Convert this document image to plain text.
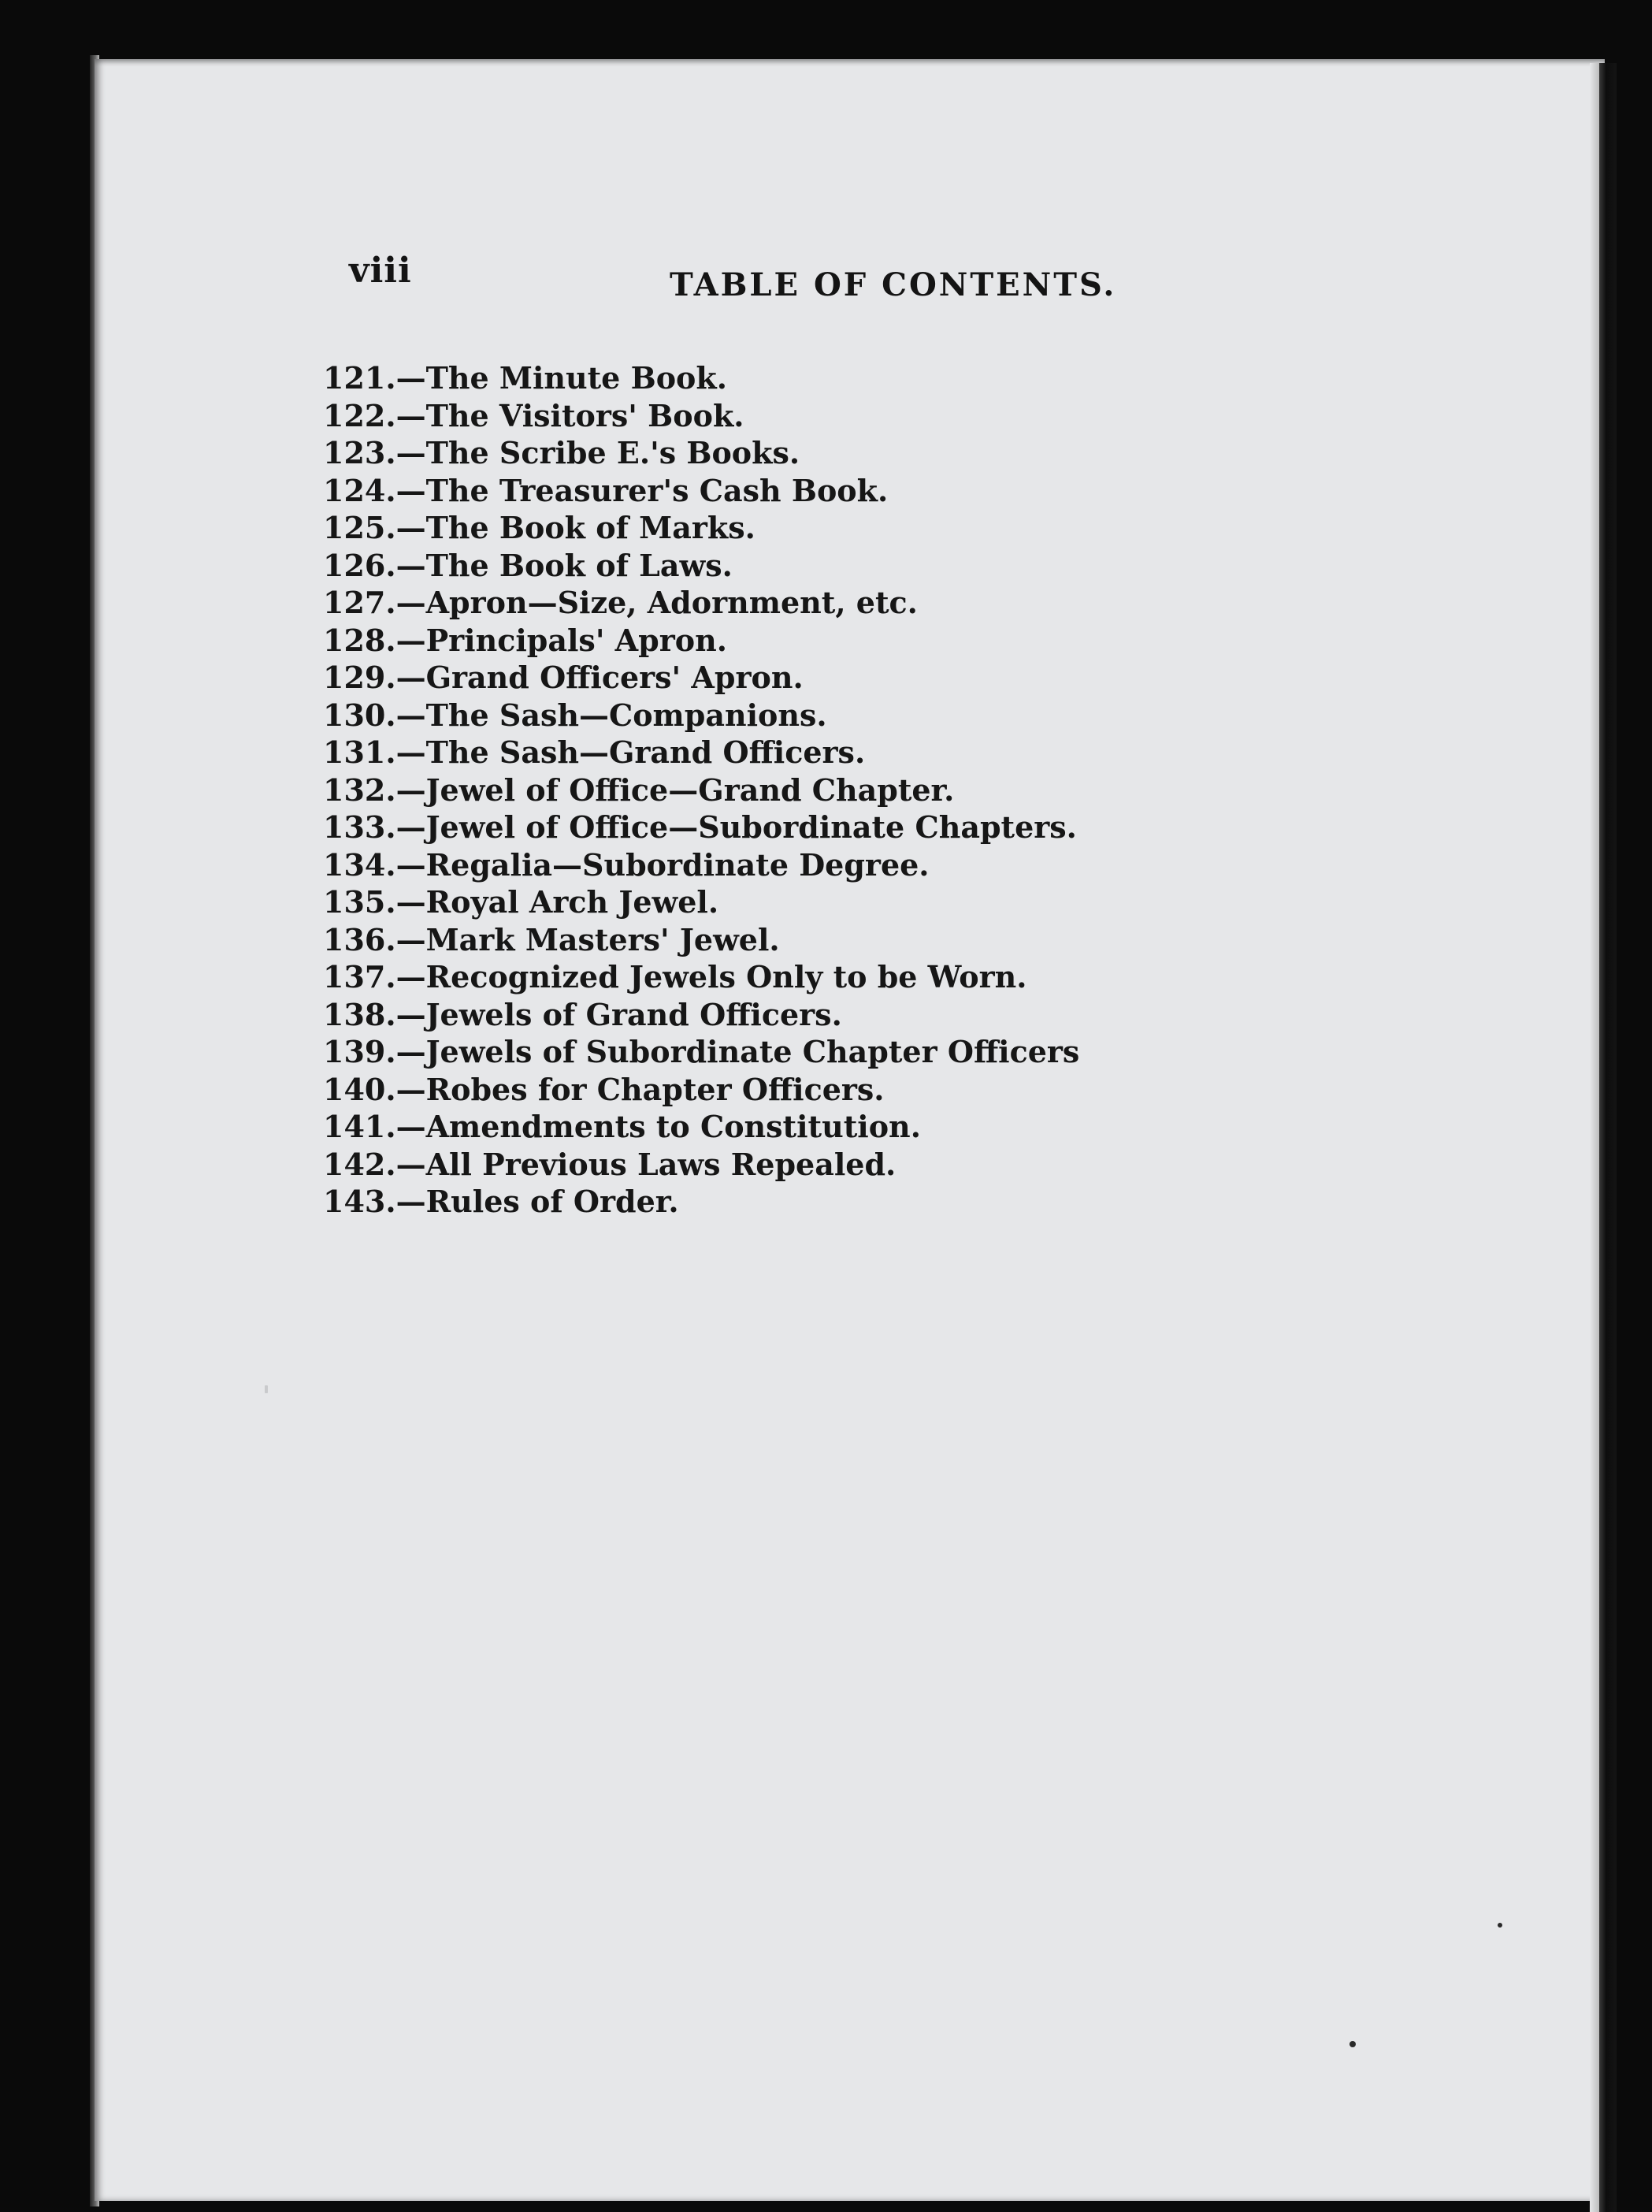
viii	TABLE OF CONTENTS.
121.—The Minute Book.
122.—The Visitors' Book.
123.—The Scribe E.'s Books.
124.—The Treasurer's Cash Book.
125.—The Book of Marks.
126.—The Book of Laws.
127.—Apron—Size, Adornment, etc.
128.—Principals' Apron.
129.—Grand Officers' Apron.
130.—The Sash—Companions.
131.—The Sash—Grand Officers.
132.—Jewel of Office—Grand Chapter.
133.—Jewel of Office—Subordinate Chapters.
134.—Regalia—Subordinate Degree.
135.—Royal Arch Jewel.
136.—Mark Masters' Jewel.
137.—Recognized Jewels Only to be Worn.
138.—Jewels of Grand Officers.
139.—Jewels of Subordinate Chapter Officers
140.—Robes for Chapter Officers.
141.—Amendments to Constitution.
142.—All Previous Laws Repealed.
143.—Rules of Order.
